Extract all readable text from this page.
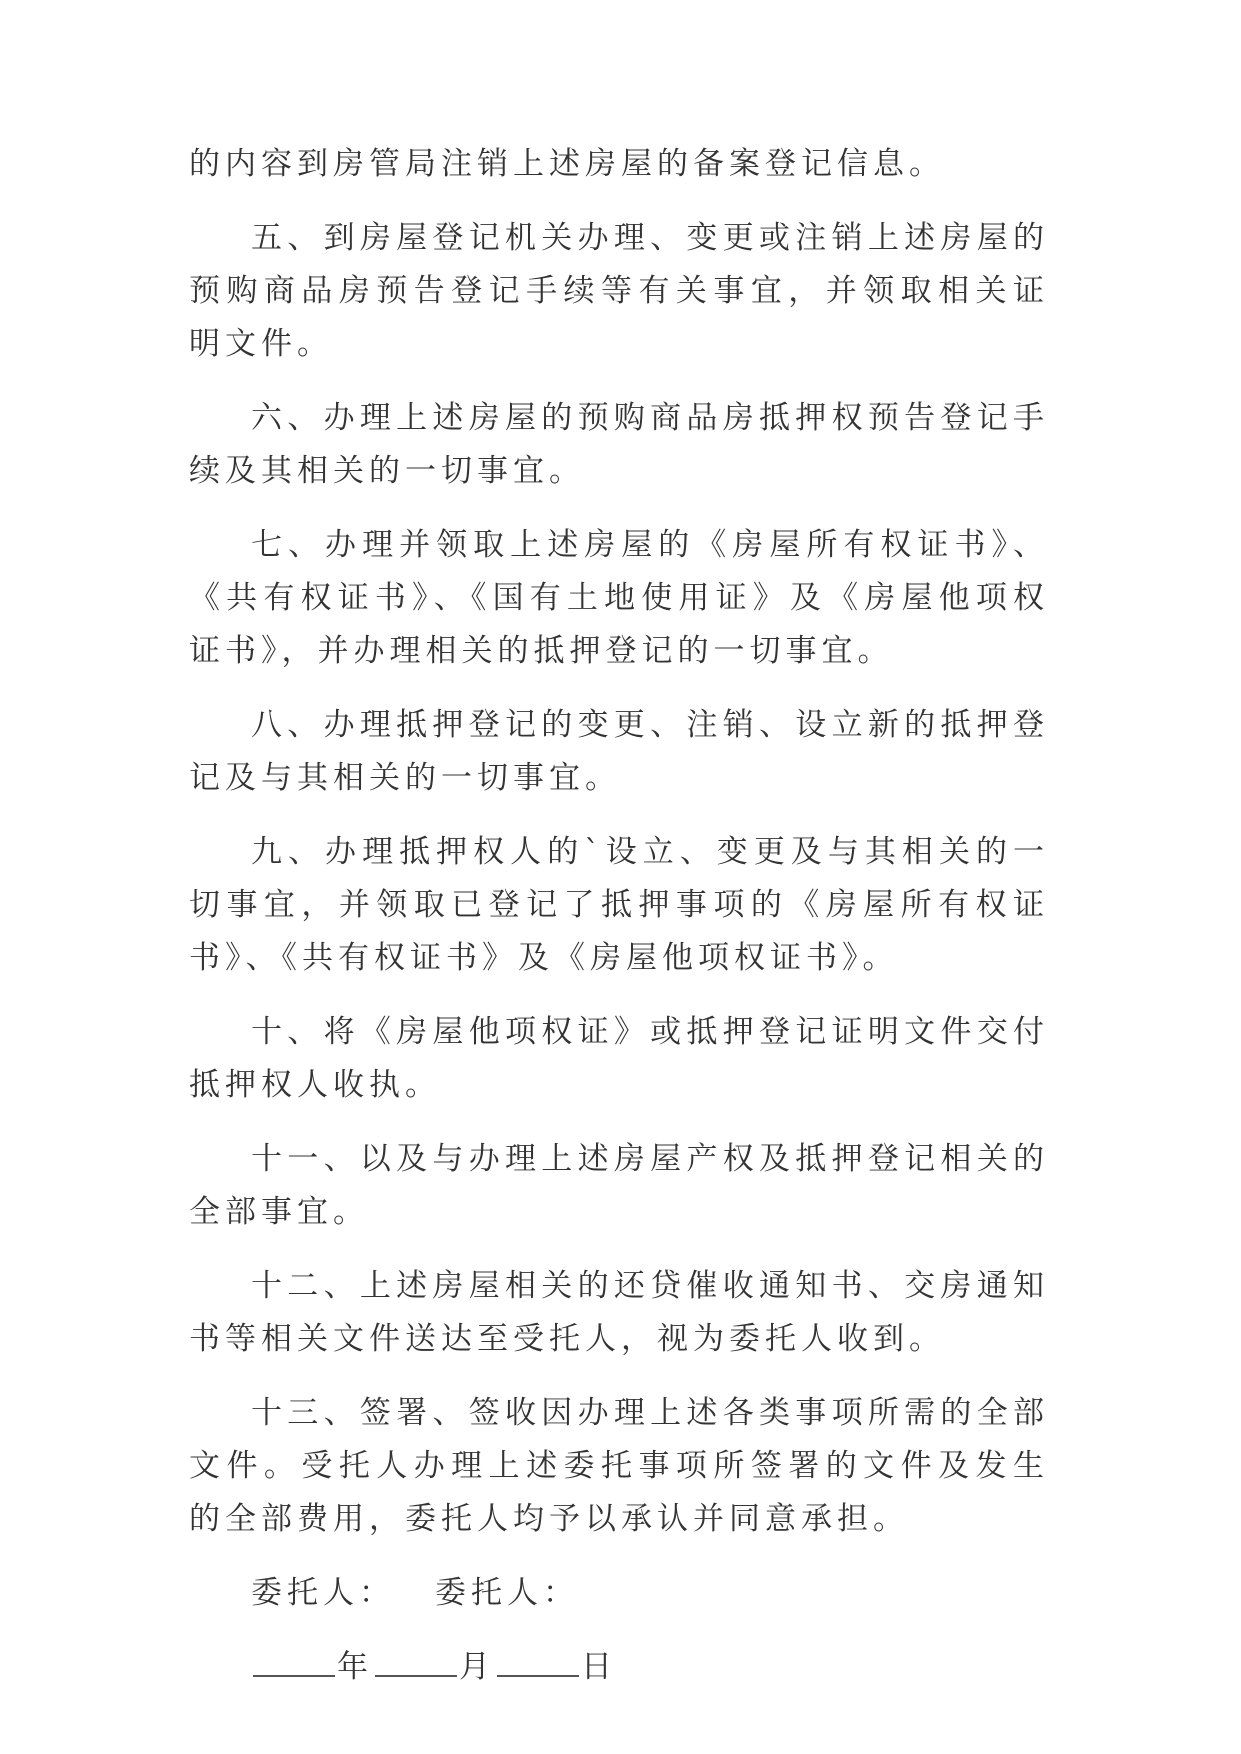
的内容到房管局注销上述房屋的备案登记信息。

五、到房屋登记机关办理、变更或注销上述房屋的预购商品房预告登记手续等有关事宜，并领取相关证明文件。

六、办理上述房屋的预购商品房抵押权预告登记手续及其相关的一切事宜。

七、办理并领取上述房屋的《房屋所有权证书》、《共有权证书》、《国有土地使用证》及《房屋他项权证书》，并办理相关的抵押登记的一切事宜。

八、办理抵押登记的变更、注销、设立新的抵押登记及与其相关的一切事宜。

九、办理抵押权人的`设立、变更及与其相关的一切事宜，并领取已登记了抵押事项的《房屋所有权证书》、《共有权证书》及《房屋他项权证书》。

十、将《房屋他项权证》或抵押登记证明文件交付抵押权人收执。

十一、以及与办理上述房屋产权及抵押登记相关的全部事宜。

十二、上述房屋相关的还贷催收通知书、交房通知书等相关文件送达至受托人，视为委托人收到。

十三、签署、签收因办理上述各类事项所需的全部文件。受托人办理上述委托事项所签署的文件及发生的全部费用，委托人均予以承认并同意承担。

委托人： 委托人：
年	月	日
